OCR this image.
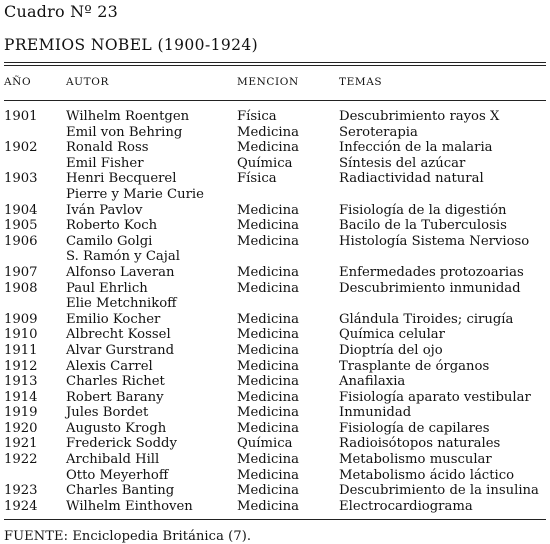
Cuadro Nº 23

PREMIOS NOBEL (1900-1924)

AÑO	AUTOR	MENCION	TEMAS
1901 Wilhelm Roentgen	Física	Descubrimiento rayos X
Emil von Behring	Medicina	Seroterapia
1902 Ronald Ross	Medicina	Infección de la malaria
Emil Fisher	Química	Síntesis del azúcar
1903 Henri Becquerel	Física	Radiactividad natural
Pierre y Marie Curie
1904 Iván Pavlov	Medicina	Fisiología de la digestión
1905 Roberto Koch	Medicina	Bacilo de la Tuberculosis
1906 Camilo Golgi	Medicina	Histología Sistema Nervioso
S. Ramón y Cajal
1907 Alfonso Laveran	Medicina	Enfermedades protozoarias
1908 Paul Ehrlich	Medicina	Descubrimiento inmunidad
Elie Metchnikoff
1909 Emilio Kocher	Medicina	Glándula Tiroides; cirugía
1910 Albrecht Kossel	Medicina	Química celular
1911 Alvar Gurstrand	Medicina	Dioptría del ojo
1912 Alexis Carrel	Medicina	Trasplante de órganos
1913 Charles Richet	Medicina	Anafilaxia
1914 Robert Barany	Medicina	Fisiología aparato vestibular
1919 Jules Bordet	Medicina	Inmunidad
1920 Augusto Krogh	Medicina	Fisiología de capilares
1921 Frederick Soddy	Química	Radioisótopos naturales
1922 Archibald Hill	Medicina	Metabolismo muscular
Otto Meyerhoff	Medicina	Metabolismo ácido láctico
1923 Charles Banting	Medicina	Descubrimiento de la insulina
1924 Wilhelm Einthoven	Medicina	Electrocardiograma
FUENTE: Enciclopedia Británica (7).
